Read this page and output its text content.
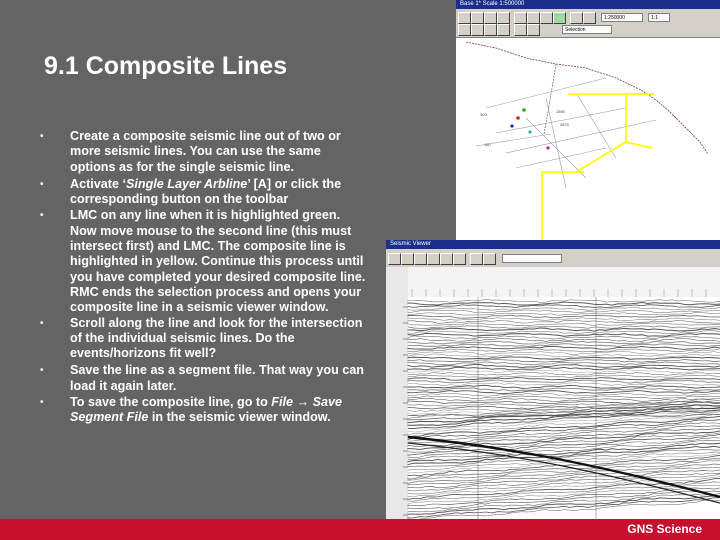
9.1 Composite Lines
•	Create a composite seismic line out of two or more seismic lines. You can use the same options as for the single seismic line.
•	Activate ‘Single Layer Arbline’ [A] or click the corresponding button on the toolbar
•	LMC on any line when it is highlighted green. Now move mouse to the second line (this must intersect first) and LMC. The composite line is highlighted in yellow. Continue this process until you have completed your desired composite line. RMC ends the selection process and opens your composite line in a seismic viewer window.
•	Scroll along the line and look for the intersection of the individual seismic lines. Do the events/horizons fit well?
•	Save the line as a segment file. That way you can load it again later.
•	To save the composite line, go to File → Save Segment File in the seismic viewer window.
Base 1* Scale 1:500000
1:250000	1:1
Selection
300
150
1550
2870
Seismic Viewer
GNS Science
